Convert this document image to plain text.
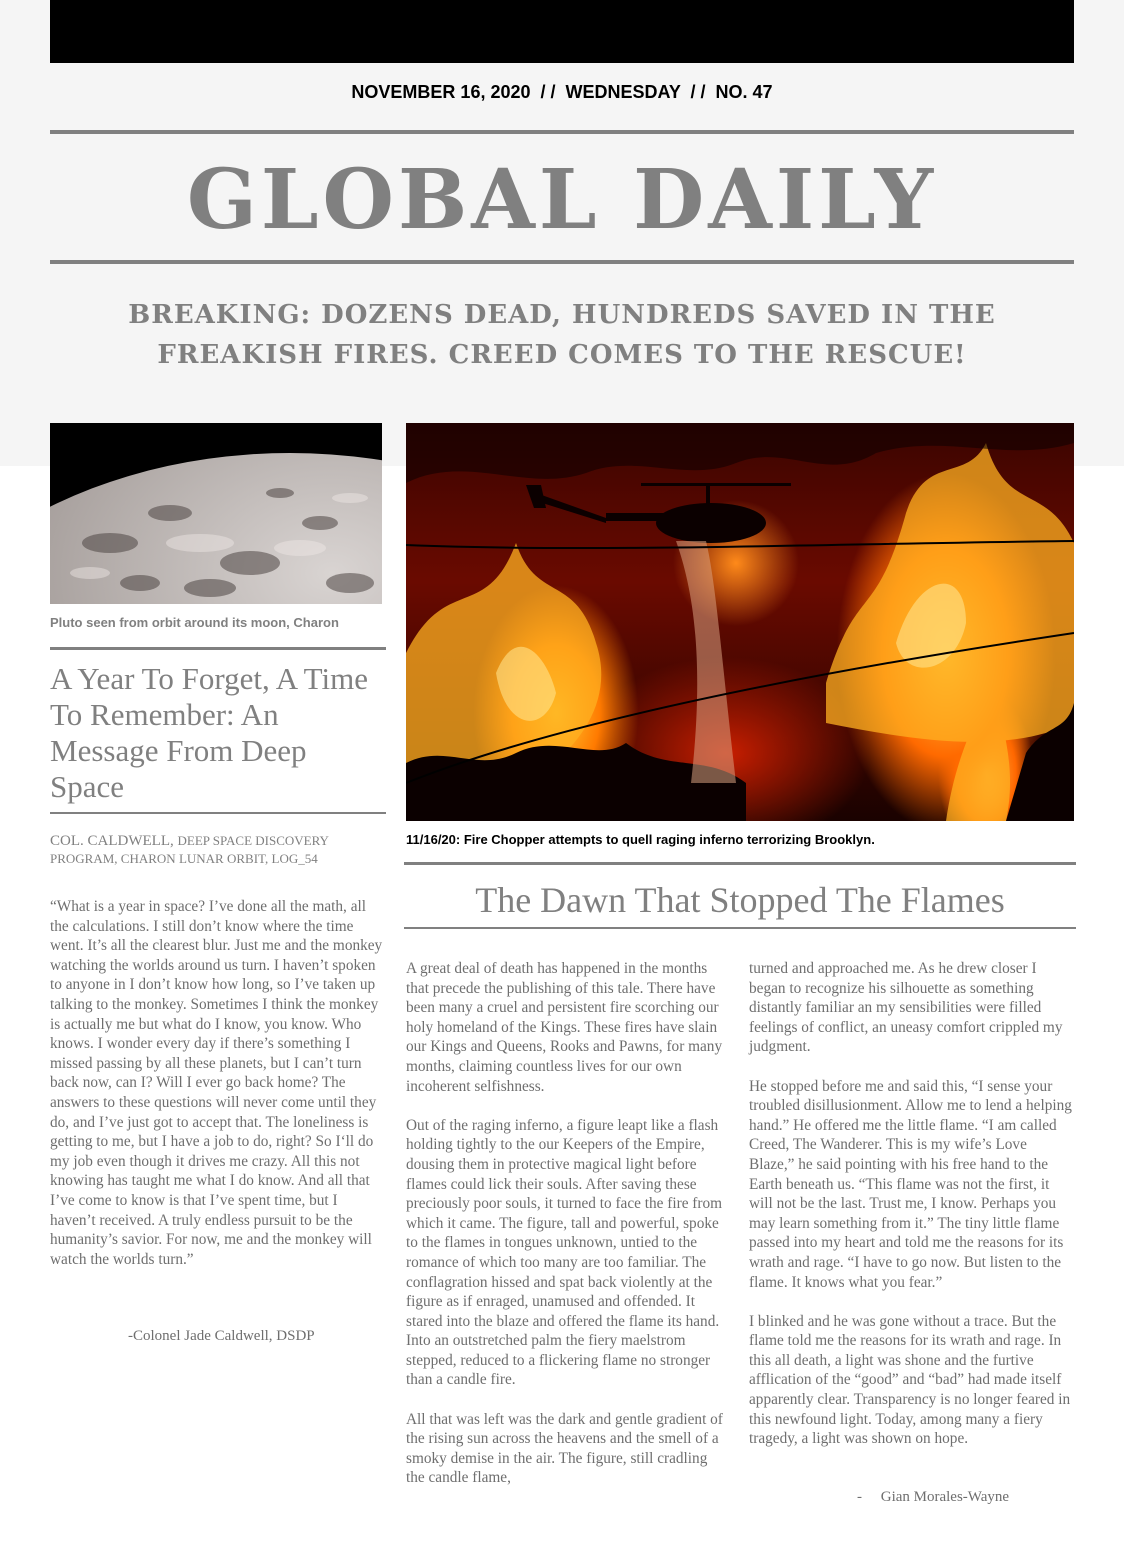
NOVEMBER 16, 2020  / /  WEDNESDAY  / /  NO. 47
GLOBAL DAILY
BREAKING: DOZENS DEAD, HUNDREDS SAVED IN THE
FREAKISH FIRES. CREED COMES TO THE RESCUE!
Pluto seen from orbit around its moon, Charon
A Year To Forget, A Time To Remember: An Message From Deep Space
COL. CALDWELL, DEEP SPACE DISCOVERY PROGRAM, CHARON LUNAR ORBIT, LOG_54

“What is a year in space? I’ve done all the math, all the calculations. I still don’t know where the time went. It’s all the clearest blur. Just me and the monkey watching the worlds around us turn. I haven’t spoken to anyone in I don’t know how long, so I’ve taken up talking to the monkey. Sometimes I think the monkey is actually me but what do I know, you know. Who knows. I wonder every day if there’s something I missed passing by all these planets, but I can’t turn back now, can I? Will I ever go back home? The answers to these questions will never come until they do, and I’ve just got to accept that. The loneliness is getting to me, but I have a job to do, right? So I‘ll do my job even though it drives me crazy. All this not knowing has taught me what I do know. And all that I’ve come to know is that I’ve spent time, but I haven’t received. A truly endless pursuit to be the humanity’s savior. For now, me and the monkey will watch the worlds turn.”

-Colonel Jade Caldwell, DSDP
11/16/20: Fire Chopper attempts to quell raging inferno terrorizing Brooklyn.
The Dawn That Stopped The Flames

A great deal of death has happened in the months that precede the publishing of this tale. There have been many a cruel and persistent fire scorching our holy homeland of the Kings. These fires have slain our Kings and Queens, Rooks and Pawns, for many months, claiming countless lives for our own incoherent selfishness.

Out of the raging inferno, a figure leapt like a flash holding tightly to the our Keepers of the Empire, dousing them in protective magical light before flames could lick their souls. After saving these preciously poor souls, it turned to face the fire from which it came. The figure, tall and powerful, spoke to the flames in tongues unknown, untied to the romance of which too many are too familiar. The conflagration hissed and spat back violently at the figure as if enraged, unamused and offended. It stared into the blaze and offered the flame its hand. Into an outstretched palm the fiery maelstrom stepped, reduced to a flickering flame no stronger than a candle fire.

All that was left was the dark and gentle gradient of the rising sun across the heavens and the smell of a smoky demise in the air. The figure, still cradling the candle flame,

turned and approached me. As he drew closer I began to recognize his silhouette as something distantly familiar an my sensibilities were filled feelings of conflict, an uneasy comfort crippled my judgment.

He stopped before me and said this, “I sense your troubled disillusionment. Allow me to lend a helping hand.” He offered me the little flame. “I am called Creed, The Wanderer. This is my wife’s Love Blaze,” he said pointing with his free hand to the Earth beneath us. “This flame was not the first, it will not be the last. Trust me, I know. Perhaps you may learn something from it.” The tiny little flame passed into my heart and told me the reasons for its wrath and rage. “I have to go now. But listen to the flame. It knows what you fear.”

I blinked and he was gone without a trace. But the flame told me the reasons for its wrath and rage. In this all death, a light was shone and the furtive afflication of the “good” and “bad” had made itself apparently clear. Transparency is no longer feared in this newfound light. Today, among many a fiery tragedy, a light was shown on hope.

-     Gian Morales-Wayne
